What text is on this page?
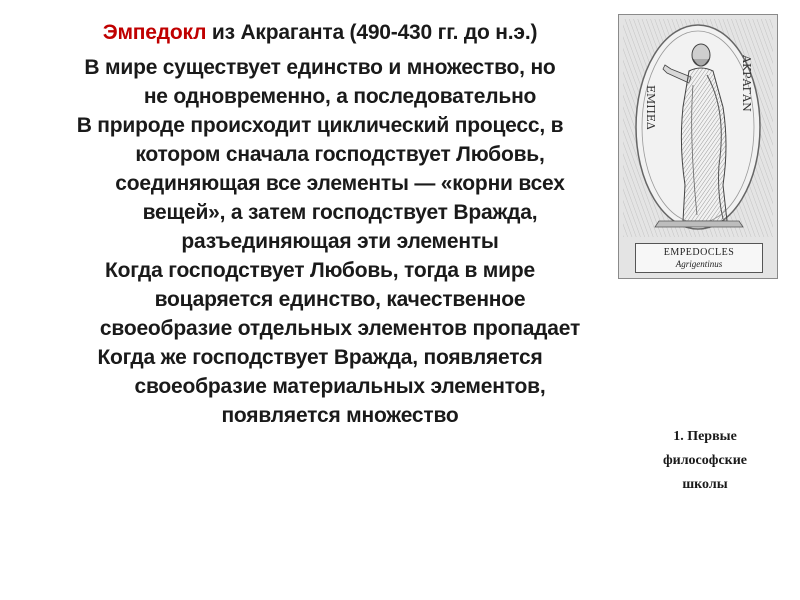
Эмпедокл из Акраганта (490-430 гг. до н.э.)

В мире существует единство и множество, но
не одновременно, а последовательно

В природе происходит циклический процесс, в
котором сначала господствует Любовь,
соединяющая все элементы — «корни всех
вещей», а затем господствует Вражда,
разъединяющая эти элементы

Когда господствует Любовь, тогда в мире
воцаряется единство, качественное
своеобразие отдельных элементов пропадает

Когда же господствует Вражда, появляется
своеобразие материальных элементов,
появляется множество

ΕΜΠΕΔ	ΑΚΡΑΓΑΝ
EMPEDOCLES
Agrigentinus
1. Первые
философские
школы
